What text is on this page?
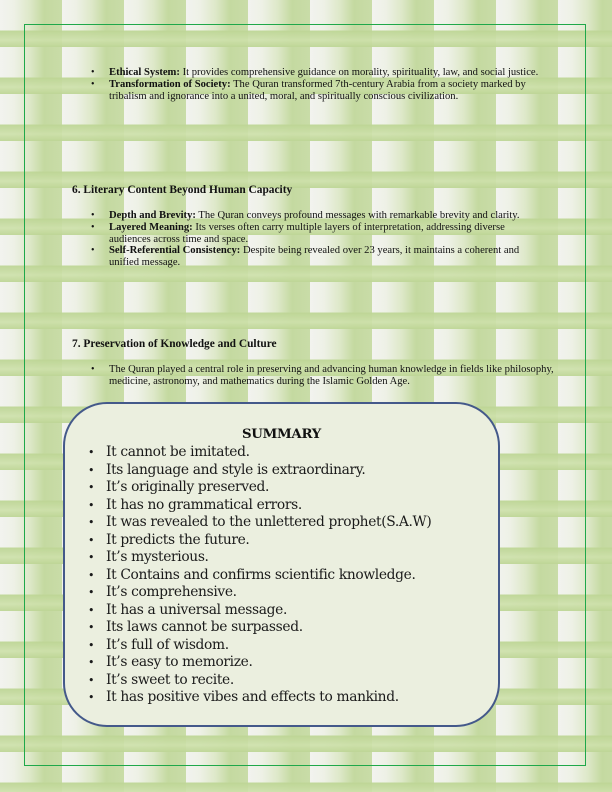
• Ethical System: It provides comprehensive guidance on morality, spirituality, law, and social justice.
• Transformation of Society: The Quran transformed 7th-century Arabia from a society marked by tribalism and ignorance into a united, moral, and spiritually conscious civilization.
6. Literary Content Beyond Human Capacity
• Depth and Brevity: The Quran conveys profound messages with remarkable brevity and clarity.
• Layered Meaning: Its verses often carry multiple layers of interpretation, addressing diverse audiences across time and space.
• Self-Referential Consistency: Despite being revealed over 23 years, it maintains a coherent and unified message.
7. Preservation of Knowledge and Culture
• The Quran played a central role in preserving and advancing human knowledge in fields like philosophy, medicine, astronomy, and mathematics during the Islamic Golden Age.
SUMMARY
• It cannot be imitated.
• Its language and style is extraordinary.
• It’s originally preserved.
• It has no grammatical errors.
• It was revealed to the unlettered prophet(S.A.W)
• It predicts the future.
• It’s mysterious.
• It Contains and confirms scientific knowledge.
• It’s comprehensive.
• It has a universal message.
• Its laws cannot be surpassed.
• It’s full of wisdom.
• It’s easy to memorize.
• It’s sweet to recite.
• It has positive vibes and effects to mankind.
